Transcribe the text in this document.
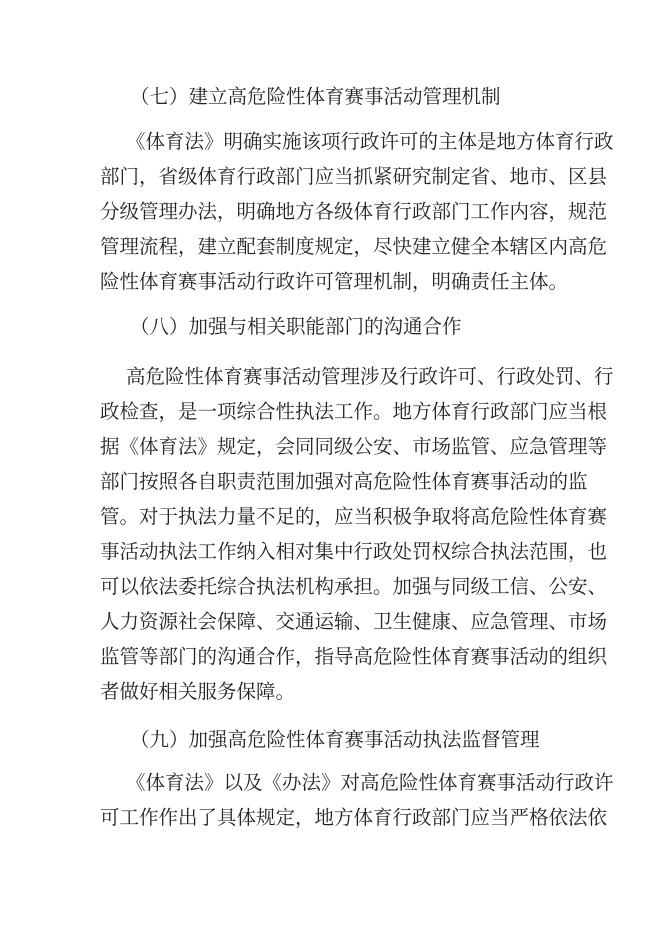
（七）建立高危险性体育赛事活动管理机制
《体育法》明确实施该项行政许可的主体是地方体育行政
部门，省级体育行政部门应当抓紧研究制定省、地市、区县
分级管理办法，明确地方各级体育行政部门工作内容，规范
管理流程，建立配套制度规定，尽快建立健全本辖区内高危
险性体育赛事活动行政许可管理机制，明确责任主体。
（八）加强与相关职能部门的沟通合作
高危险性体育赛事活动管理涉及行政许可、行政处罚、行
政检查，是一项综合性执法工作。地方体育行政部门应当根
据《体育法》规定，会同同级公安、市场监管、应急管理等
部门按照各自职责范围加强对高危险性体育赛事活动的监
管。对于执法力量不足的，应当积极争取将高危险性体育赛
事活动执法工作纳入相对集中行政处罚权综合执法范围，也
可以依法委托综合执法机构承担。加强与同级工信、公安、
人力资源社会保障、交通运输、卫生健康、应急管理、市场
监管等部门的沟通合作，指导高危险性体育赛事活动的组织
者做好相关服务保障。
（九）加强高危险性体育赛事活动执法监督管理
《体育法》以及《办法》对高危险性体育赛事活动行政许
可工作作出了具体规定，地方体育行政部门应当严格依法依
